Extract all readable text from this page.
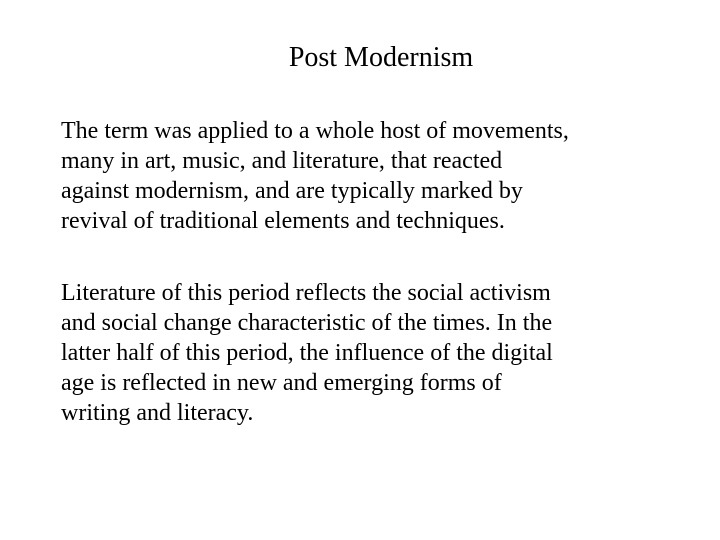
Post Modernism

The term was applied to a whole host of movements,
many in art, music, and literature, that reacted
against modernism, and are typically marked by
revival of traditional elements and techniques.

Literature of this period reflects the social activism
and social change characteristic of the times. In the
latter half of this period, the influence of the digital
age is reflected in new and emerging forms of
writing and literacy.
